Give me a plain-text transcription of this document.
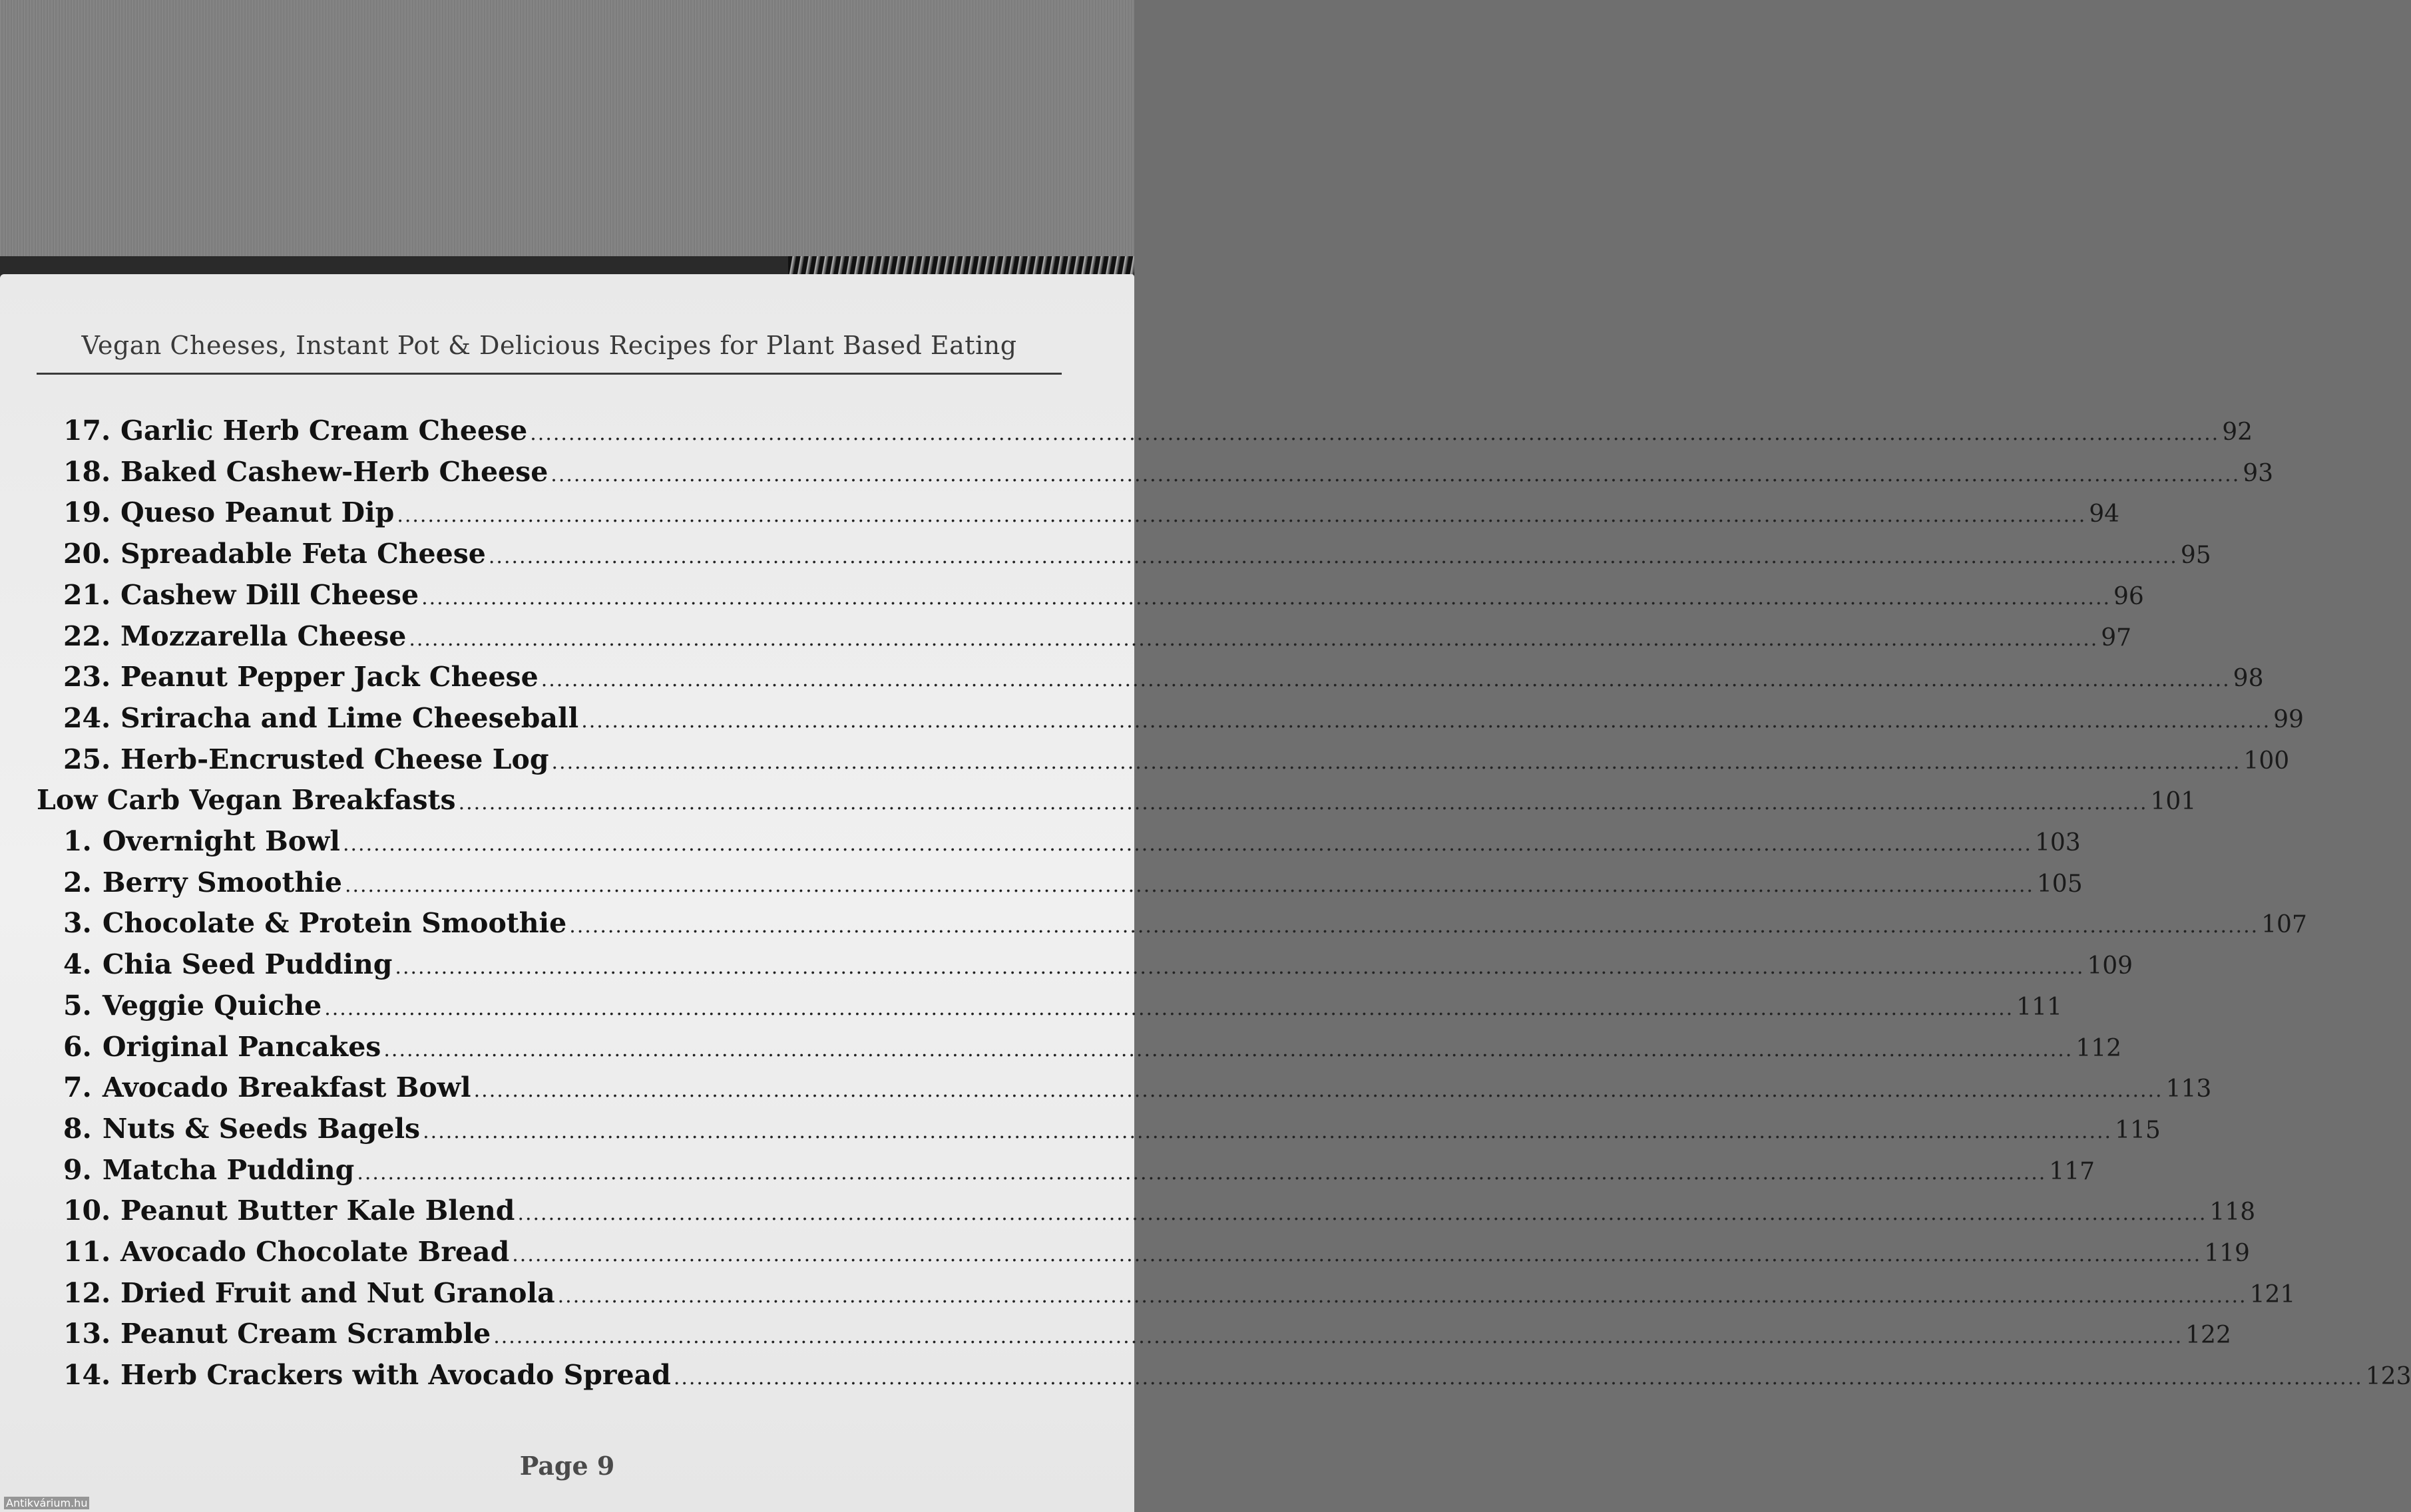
Vegan Cheeses, Instant Pot & Delicious Recipes for Plant Based Eating
17. Garlic Herb Cream Cheese ............................................................................................................................................................................................................................ 92
18. Baked Cashew-Herb Cheese ............................................................................................................................................................................................................................ 93
19. Queso Peanut Dip ............................................................................................................................................................................................................................ 94
20. Spreadable Feta Cheese ............................................................................................................................................................................................................................ 95
21. Cashew Dill Cheese ............................................................................................................................................................................................................................ 96
22. Mozzarella Cheese ............................................................................................................................................................................................................................ 97
23. Peanut Pepper Jack Cheese ............................................................................................................................................................................................................................ 98
24. Sriracha and Lime Cheeseball ............................................................................................................................................................................................................................ 99
25. Herb-Encrusted Cheese Log ............................................................................................................................................................................................................................ 100
Low Carb Vegan Breakfasts ............................................................................................................................................................................................................................ 101
1. Overnight Bowl ............................................................................................................................................................................................................................ 103
2. Berry Smoothie ............................................................................................................................................................................................................................ 105
3. Chocolate & Protein Smoothie ............................................................................................................................................................................................................................ 107
4. Chia Seed Pudding ............................................................................................................................................................................................................................ 109
5. Veggie Quiche ............................................................................................................................................................................................................................ 111
6. Original Pancakes ............................................................................................................................................................................................................................ 112
7. Avocado Breakfast Bowl ............................................................................................................................................................................................................................ 113
8. Nuts & Seeds Bagels ............................................................................................................................................................................................................................ 115
9. Matcha Pudding ............................................................................................................................................................................................................................ 117
10. Peanut Butter Kale Blend ............................................................................................................................................................................................................................ 118
11. Avocado Chocolate Bread ............................................................................................................................................................................................................................ 119
12. Dried Fruit and Nut Granola ............................................................................................................................................................................................................................ 121
13. Peanut Cream Scramble ............................................................................................................................................................................................................................ 122
14. Herb Crackers with Avocado Spread ............................................................................................................................................................................................................................ 123
Page 9
Antikvárium.hu
